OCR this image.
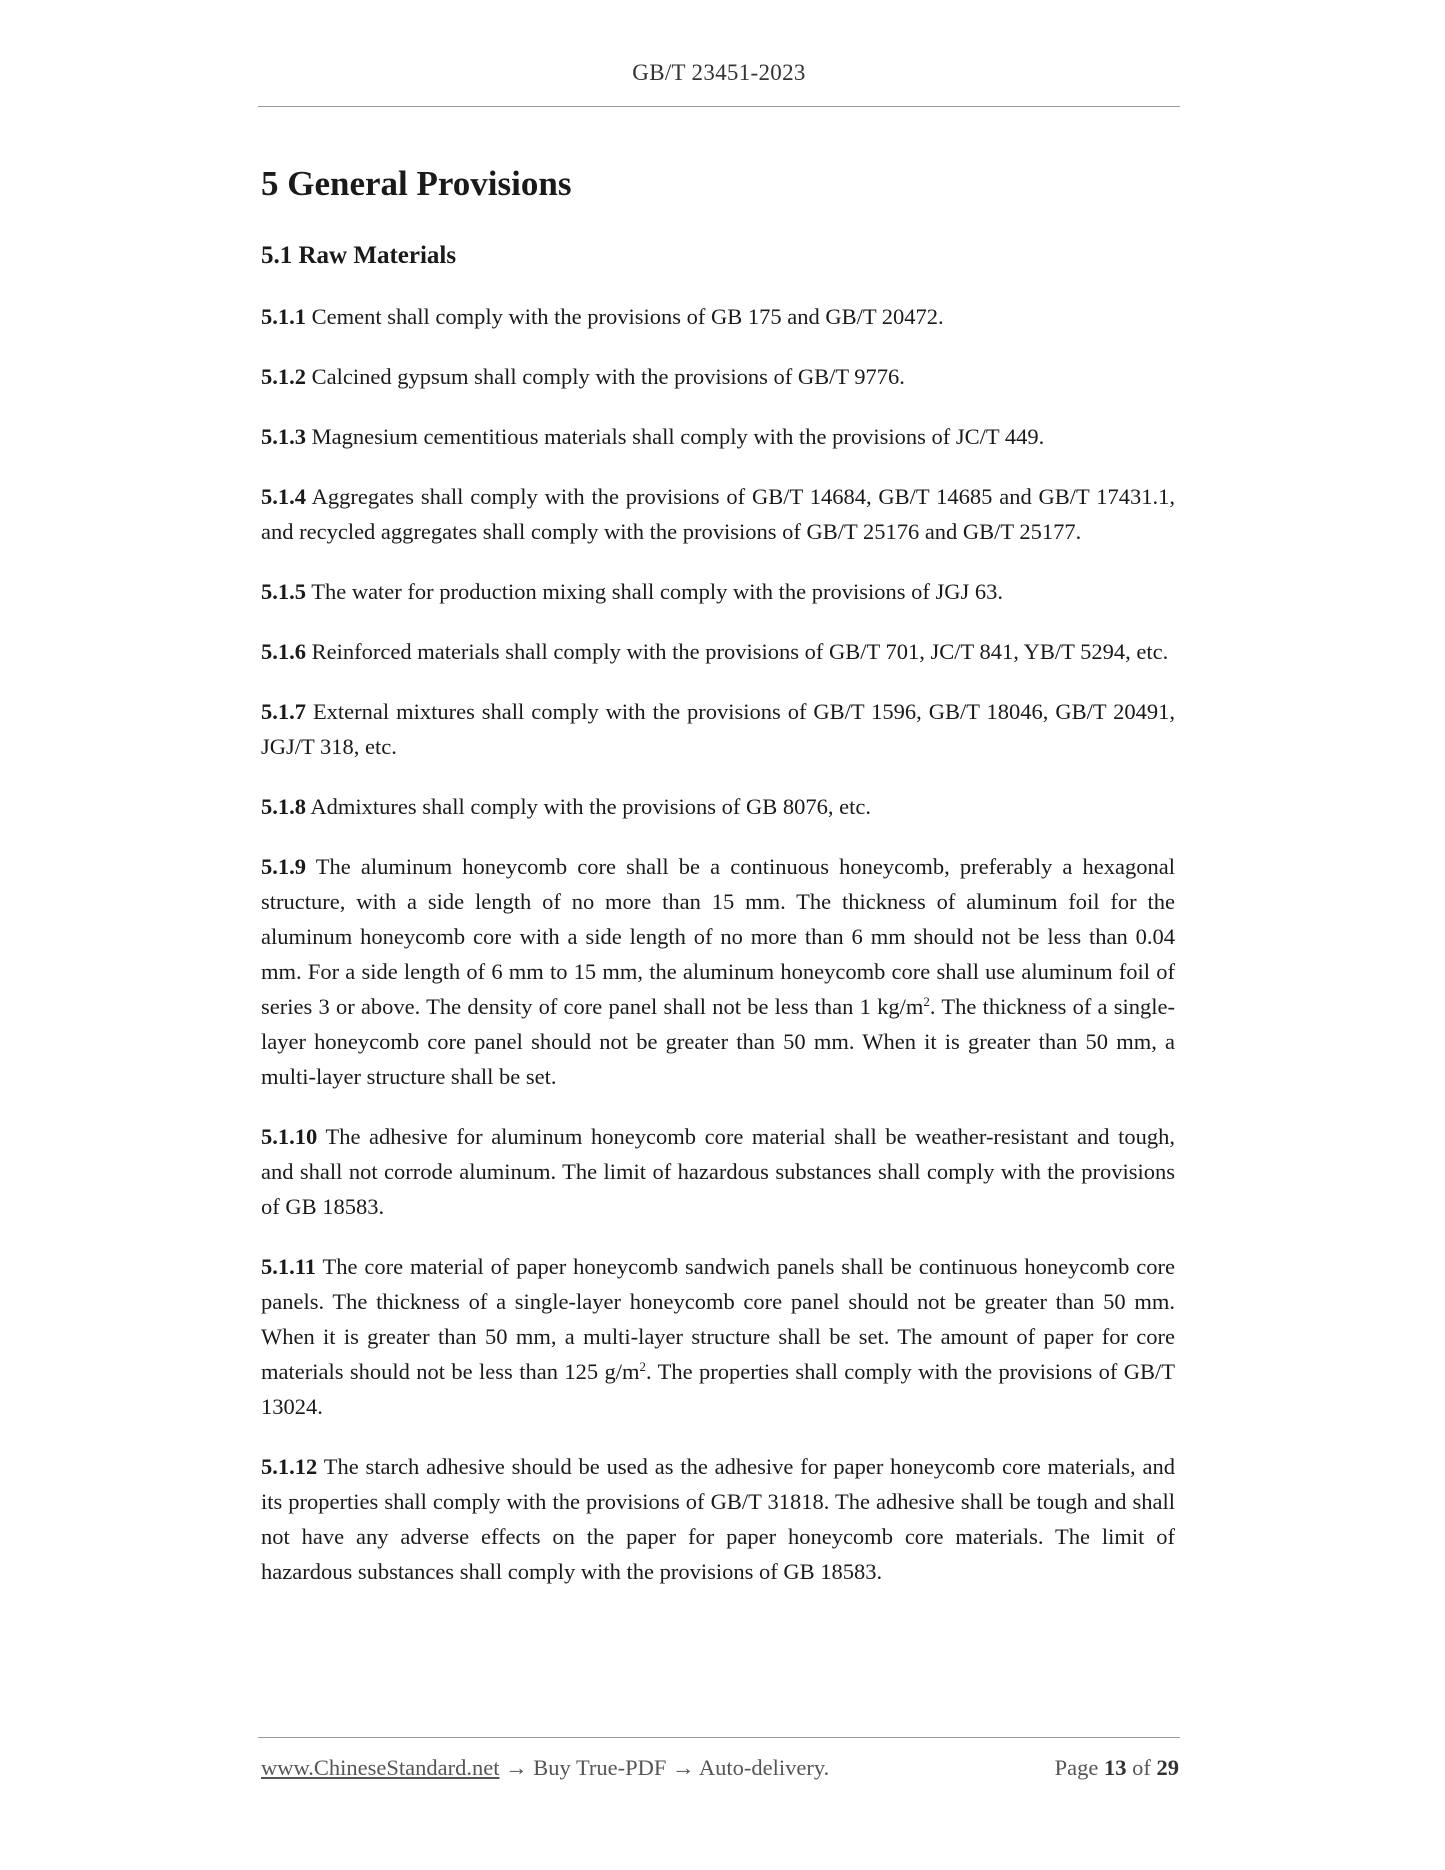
GB/T 23451-2023
5 General Provisions
5.1 Raw Materials

5.1.1 Cement shall comply with the provisions of GB 175 and GB/T 20472.

5.1.2 Calcined gypsum shall comply with the provisions of GB/T 9776.

5.1.3 Magnesium cementitious materials shall comply with the provisions of JC/T 449.

5.1.4 Aggregates shall comply with the provisions of GB/T 14684, GB/T 14685 and GB/T 17431.1, and recycled aggregates shall comply with the provisions of GB/T 25176 and GB/T 25177.

5.1.5 The water for production mixing shall comply with the provisions of JGJ 63.

5.1.6 Reinforced materials shall comply with the provisions of GB/T 701, JC/T 841, YB/T 5294, etc.

5.1.7 External mixtures shall comply with the provisions of GB/T 1596, GB/T 18046, GB/T 20491, JGJ/T 318, etc.

5.1.8 Admixtures shall comply with the provisions of GB 8076, etc.

5.1.9 The aluminum honeycomb core shall be a continuous honeycomb, preferably a hexagonal structure, with a side length of no more than 15 mm. The thickness of aluminum foil for the aluminum honeycomb core with a side length of no more than 6 mm should not be less than 0.04 mm. For a side length of 6 mm to 15 mm, the aluminum honeycomb core shall use aluminum foil of series 3 or above. The density of core panel shall not be less than 1 $kg/m^2$. The thickness of a single-layer honeycomb core panel should not be greater than 50 mm. When it is greater than 50 mm, a multi-layer structure shall be set.

5.1.10 The adhesive for aluminum honeycomb core material shall be weather-resistant and tough, and shall not corrode aluminum. The limit of hazardous substances shall comply with the provisions of GB 18583.

5.1.11 The core material of paper honeycomb sandwich panels shall be continuous honeycomb core panels. The thickness of a single-layer honeycomb core panel should not be greater than 50 mm. When it is greater than 50 mm, a multi-layer structure shall be set. The amount of paper for core materials should not be less than 125 $g/m^2$. The properties shall comply with the provisions of GB/T 13024.

5.1.12 The starch adhesive should be used as the adhesive for paper honeycomb core materials, and its properties shall comply with the provisions of GB/T 31818. The adhesive shall be tough and shall not have any adverse effects on the paper for paper honeycomb core materials. The limit of hazardous substances shall comply with the provisions of GB 18583.

www.ChineseStandard.net → Buy True-PDF → Auto-delivery.	Page 13 of 29
